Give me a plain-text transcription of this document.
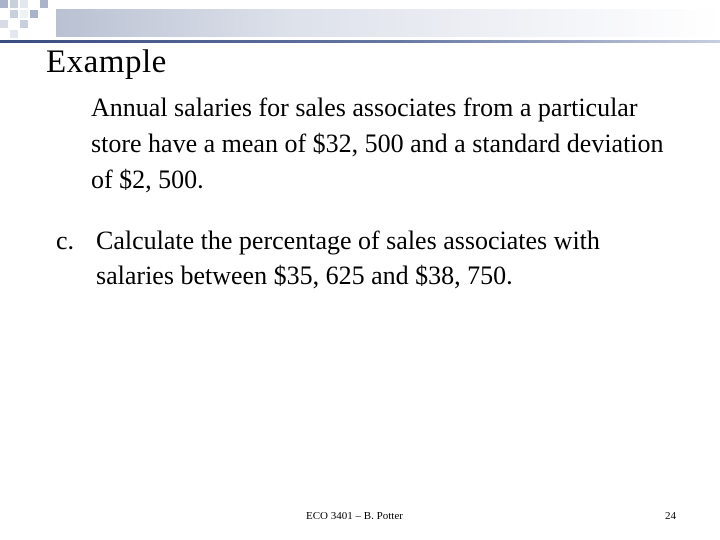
Example
Annual salaries for sales associates from a particular store have a mean of $32, 500 and a standard deviation of $2, 500.
c. Calculate the percentage of sales associates with salaries between $35, 625 and $38, 750.
ECO 3401 – B. Potter	24
